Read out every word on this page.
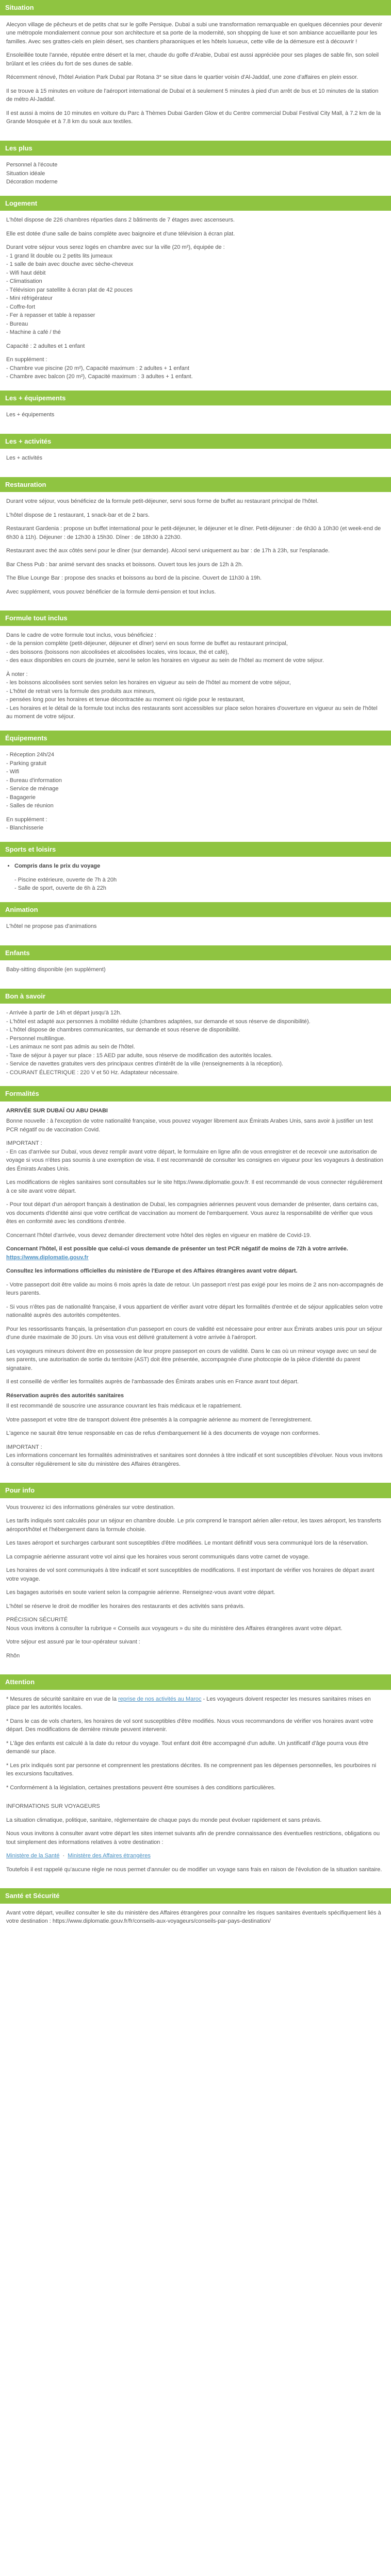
Situation

Alecyon village de pêcheurs et de petits chat sur le golfe Persique. Dubaï a subi une transformation remarquable en quelques décennies pour devenir une métropole mondialement connue pour son architecture et sa porte de la modernité, son shopping de luxe et son ambiance accueillante pour les familles. Avec ses grattes-ciels en plein désert, ses chantiers pharaoniques et les hôtels luxueux, cette ville de la démesure est à découvrir !

Ensoleillée toute l'année, réputée entre désert et la mer, chaude du golfe d'Arabie, Dubaï est aussi appréciée pour ses plages de sable fin, son soleil brûlant et les criées du fort de ses dunes de sable.

Récemment rénové, l'hôtel Aviation Park Dubaï par Rotana 3* se situe dans le quartier voisin d'Al-Jaddaf, une zone d'affaires en plein essor.

Il se trouve à 15 minutes en voiture de l'aéroport international de Dubaï et à seulement 5 minutes à pied d'un arrêt de bus et 10 minutes de la station de métro Al-Jaddaf.

Il est aussi à moins de 10 minutes en voiture du Parc à Thèmes Dubai Garden Glow et du Centre commercial Dubaï Festival City Mall, à 7.2 km de la Grande Mosquée et à 7.8 km du souk aux textiles.

Les plus
Personnel à l'écoute
Situation idéale
Décoration moderne
Logement

L'hôtel dispose de 226 chambres réparties dans 2 bâtiments de 7 étages avec ascenseurs.

Elle est dotée d'une salle de bains complète avec baignoire et d'une télévision à écran plat.

Durant votre séjour vous serez logés en chambre avec sur la ville (20 m²), équipée de :
- 1 grand lit double ou 2 petits lits jumeaux
- 1 salle de bain avec douche avec sèche-cheveux
- Wifi haut débit
- Climatisation
- Télévision par satellite à écran plat de 42 pouces
- Mini réfrigérateur
- Coffre-fort
- Fer à repasser et table à repasser
- Bureau
- Machine à café / thé

Capacité : 2 adultes et 1 enfant

En supplément :
- Chambre vue piscine (20 m²), Capacité maximum : 2 adultes + 1 enfant
- Chambre avec balcon (20 m²), Capacité maximum : 3 adultes + 1 enfant.
Les + équipements

Les + équipements

Les + activités

Les + activités

Restauration

Durant votre séjour, vous bénéficiez de la formule petit-déjeuner, servi sous forme de buffet au restaurant principal de l'hôtel.

L'hôtel dispose de 1 restaurant, 1 snack-bar et de 2 bars.

Restaurant Gardenia : propose un buffet international pour le petit-déjeuner, le déjeuner et le dîner. Petit-déjeuner : de 6h30 à 10h30 (et week-end de 6h30 à 11h). Déjeuner : de 12h30 à 15h30. Dîner : de 18h30 à 22h30.

Restaurant avec thé aux côtés servi pour le dîner (sur demande). Alcool servi uniquement au bar : de 17h à 23h, sur l'esplanade.

Bar Chess Pub : bar animé servant des snacks et boissons. Ouvert tous les jours de 12h à 2h.

The Blue Lounge Bar : propose des snacks et boissons au bord de la piscine. Ouvert de 11h30 à 19h.

Avec supplément, vous pouvez bénéficier de la formule demi-pension et tout inclus.

Formule tout inclus
Dans le cadre de votre formule tout inclus, vous bénéficiez :
- de la pension complète (petit-déjeuner, déjeuner et dîner) servi en sous forme de buffet au restaurant principal,
- des boissons (boissons non alcoolisées et alcoolisées locales, vins locaux, thé et café),
- des eaux disponibles en cours de journée, servi le selon les horaires en vigueur au sein de l'hôtel au moment de votre séjour.
À noter :
- les boissons alcoolisées sont servies selon les horaires en vigueur au sein de l'hôtel au moment de votre séjour,
- L'hôtel de retrait vers la formule des produits aux mineurs,
- pensées long pour les horaires et tenue décontractée au moment où rigide pour le restaurant,
- Les horaires et le détail de la formule tout inclus des restaurants sont accessibles sur place selon horaires d'ouverture en vigueur au sein de l'hôtel au moment de votre séjour.
Équipements
- Réception 24h/24
- Parking gratuit
- Wifi
- Bureau d'information
- Service de ménage
- Bagagerie
- Salles de réunion
En supplément :
- Blanchisserie
Sports et loisirs
• Compris dans le prix du voyage
- Piscine extérieure, ouverte de 7h à 20h
- Salle de sport, ouverte de 6h à 22h
Animation

L'hôtel ne propose pas d'animations

Enfants

Baby-sitting disponible (en supplément)

Bon à savoir
- Arrivée à partir de 14h et départ jusqu'à 12h.
- L'hôtel est adapté aux personnes à mobilité réduite (chambres adaptées, sur demande et sous réserve de disponibilité).
- L'hôtel dispose de chambres communicantes, sur demande et sous réserve de disponibilité.
- Personnel multilingue.
- Les animaux ne sont pas admis au sein de l'hôtel.
- Taxe de séjour à payer sur place : 15 AED par adulte, sous réserve de modification des autorités locales.
- Service de navettes gratuites vers des principaux centres d'intérêt de la ville (renseignements à la réception).
- COURANT ÉLECTRIQUE : 220 V et 50 Hz. Adaptateur nécessaire.
Formalités
ARRIVÉE SUR DUBAÏ OU ABU DHABI

Bonne nouvelle : à l'exception de votre nationalité française, vous pouvez voyager librement aux Émirats Arabes Unis, sans avoir à justifier un test PCR négatif ou de vaccination Covid.

IMPORTANT :

- En cas d'arrivée sur Dubaï, vous devez remplir avant votre départ, le formulaire en ligne afin de vous enregistrer et de recevoir une autorisation de voyage si vous n'êtes pas soumis à une exemption de visa. Il est recommandé de consulter les consignes en vigueur pour les voyageurs à destination des Émirats Arabes Unis.

Les modifications de règles sanitaires sont consultables sur le site https://www.diplomatie.gouv.fr. Il est recommandé de vous connecter régulièrement à ce site avant votre départ.

- Pour tout départ d'un aéroport français à destination de Dubaï, les compagnies aériennes peuvent vous demander de présenter, dans certains cas, vos documents d'identité ainsi que votre certificat de vaccination au moment de l'embarquement. Vous aurez la responsabilité de vérifier que vous êtes en conformité avec les conditions d'entrée.

Concernant l'hôtel d'arrivée, vous devez demander directement votre hôtel des règles en vigueur en matière de Covid-19.

Concernant l'hôtel, il est possible que celui-ci vous demande de présenter un test PCR négatif de moins de 72h à votre arrivée. https://www.diplomatie.gouv.fr

Consultez les informations officielles du ministère de l'Europe et des Affaires étrangères avant votre départ.

- Votre passeport doit être valide au moins 6 mois après la date de retour. Un passeport n'est pas exigé pour les moins de 2 ans non-accompagnés de leurs parents.

- Si vous n'êtes pas de nationalité française, il vous appartient de vérifier avant votre départ les formalités d'entrée et de séjour applicables selon votre nationalité auprès des autorités compétentes.

Pour les ressortissants français, la présentation d'un passeport en cours de validité est nécessaire pour entrer aux Émirats arabes unis pour un séjour d'une durée maximale de 30 jours. Un visa vous est délivré gratuitement à votre arrivée à l'aéroport.

Les voyageurs mineurs doivent être en possession de leur propre passeport en cours de validité. Dans le cas où un mineur voyage avec un seul de ses parents, une autorisation de sortie du territoire (AST) doit être présentée, accompagnée d'une photocopie de la pièce d'identité du parent signataire.

Il est conseillé de vérifier les formalités auprès de l'ambassade des Émirats arabes unis en France avant tout départ.

Réservation auprès des autorités sanitaires

Il est recommandé de souscrire une assurance couvrant les frais médicaux et le rapatriement.

Votre passeport et votre titre de transport doivent être présentés à la compagnie aérienne au moment de l'enregistrement.

L'agence ne saurait être tenue responsable en cas de refus d'embarquement lié à des documents de voyage non conformes.

IMPORTANT :

Les informations concernant les formalités administratives et sanitaires sont données à titre indicatif et sont susceptibles d'évoluer. Nous vous invitons à consulter régulièrement le site du ministère des Affaires étrangères.

Pour info

Vous trouverez ici des informations générales sur votre destination.

Les tarifs indiqués sont calculés pour un séjour en chambre double. Le prix comprend le transport aérien aller-retour, les taxes aéroport, les transferts aéroport/hôtel et l'hébergement dans la formule choisie.

Les taxes aéroport et surcharges carburant sont susceptibles d'être modifiées. Le montant définitif vous sera communiqué lors de la réservation.

La compagnie aérienne assurant votre vol ainsi que les horaires vous seront communiqués dans votre carnet de voyage.

Les horaires de vol sont communiqués à titre indicatif et sont susceptibles de modifications. Il est important de vérifier vos horaires de départ avant votre voyage.

Les bagages autorisés en soute varient selon la compagnie aérienne. Renseignez-vous avant votre départ.

L'hôtel se réserve le droit de modifier les horaires des restaurants et des activités sans préavis.

PRÉCISION SÉCURITÉ

Nous vous invitons à consulter la rubrique « Conseils aux voyageurs » du site du ministère des Affaires étrangères avant votre départ.

Votre séjour est assuré par le tour-opérateur suivant :

Rhôn

Attention

* Mesures de sécurité sanitaire en vue de la reprise de nos activités au Maroc - Les voyageurs doivent respecter les mesures sanitaires mises en place par les autorités locales.

* Dans le cas de vols charters, les horaires de vol sont susceptibles d'être modifiés. Nous vous recommandons de vérifier vos horaires avant votre départ. Des modifications de dernière minute peuvent intervenir.

* L'âge des enfants est calculé à la date du retour du voyage. Tout enfant doit être accompagné d'un adulte. Un justificatif d'âge pourra vous être demandé sur place.

* Les prix indiqués sont par personne et comprennent les prestations décrites. Ils ne comprennent pas les dépenses personnelles, les pourboires ni les excursions facultatives.

* Conformément à la législation, certaines prestations peuvent être soumises à des conditions particulières.

INFORMATIONS SUR VOYAGEURS

La situation climatique, politique, sanitaire, réglementaire de chaque pays du monde peut évoluer rapidement et sans préavis.

Nous vous invitons à consulter avant votre départ les sites internet suivants afin de prendre connaissance des éventuelles restrictions, obligations ou tout simplement des informations relatives à votre destination :

Ministère de la Santé  ·  Ministère des Affaires étrangères

Toutefois il est rappelé qu'aucune règle ne nous permet d'annuler ou de modifier un voyage sans frais en raison de l'évolution de la situation sanitaire.

Santé et Sécurité

Avant votre départ, veuillez consulter le site du ministère des Affaires étrangères pour connaître les risques sanitaires éventuels spécifiquement liés à votre destination : https://www.diplomatie.gouv.fr/fr/conseils-aux-voyageurs/conseils-par-pays-destination/
